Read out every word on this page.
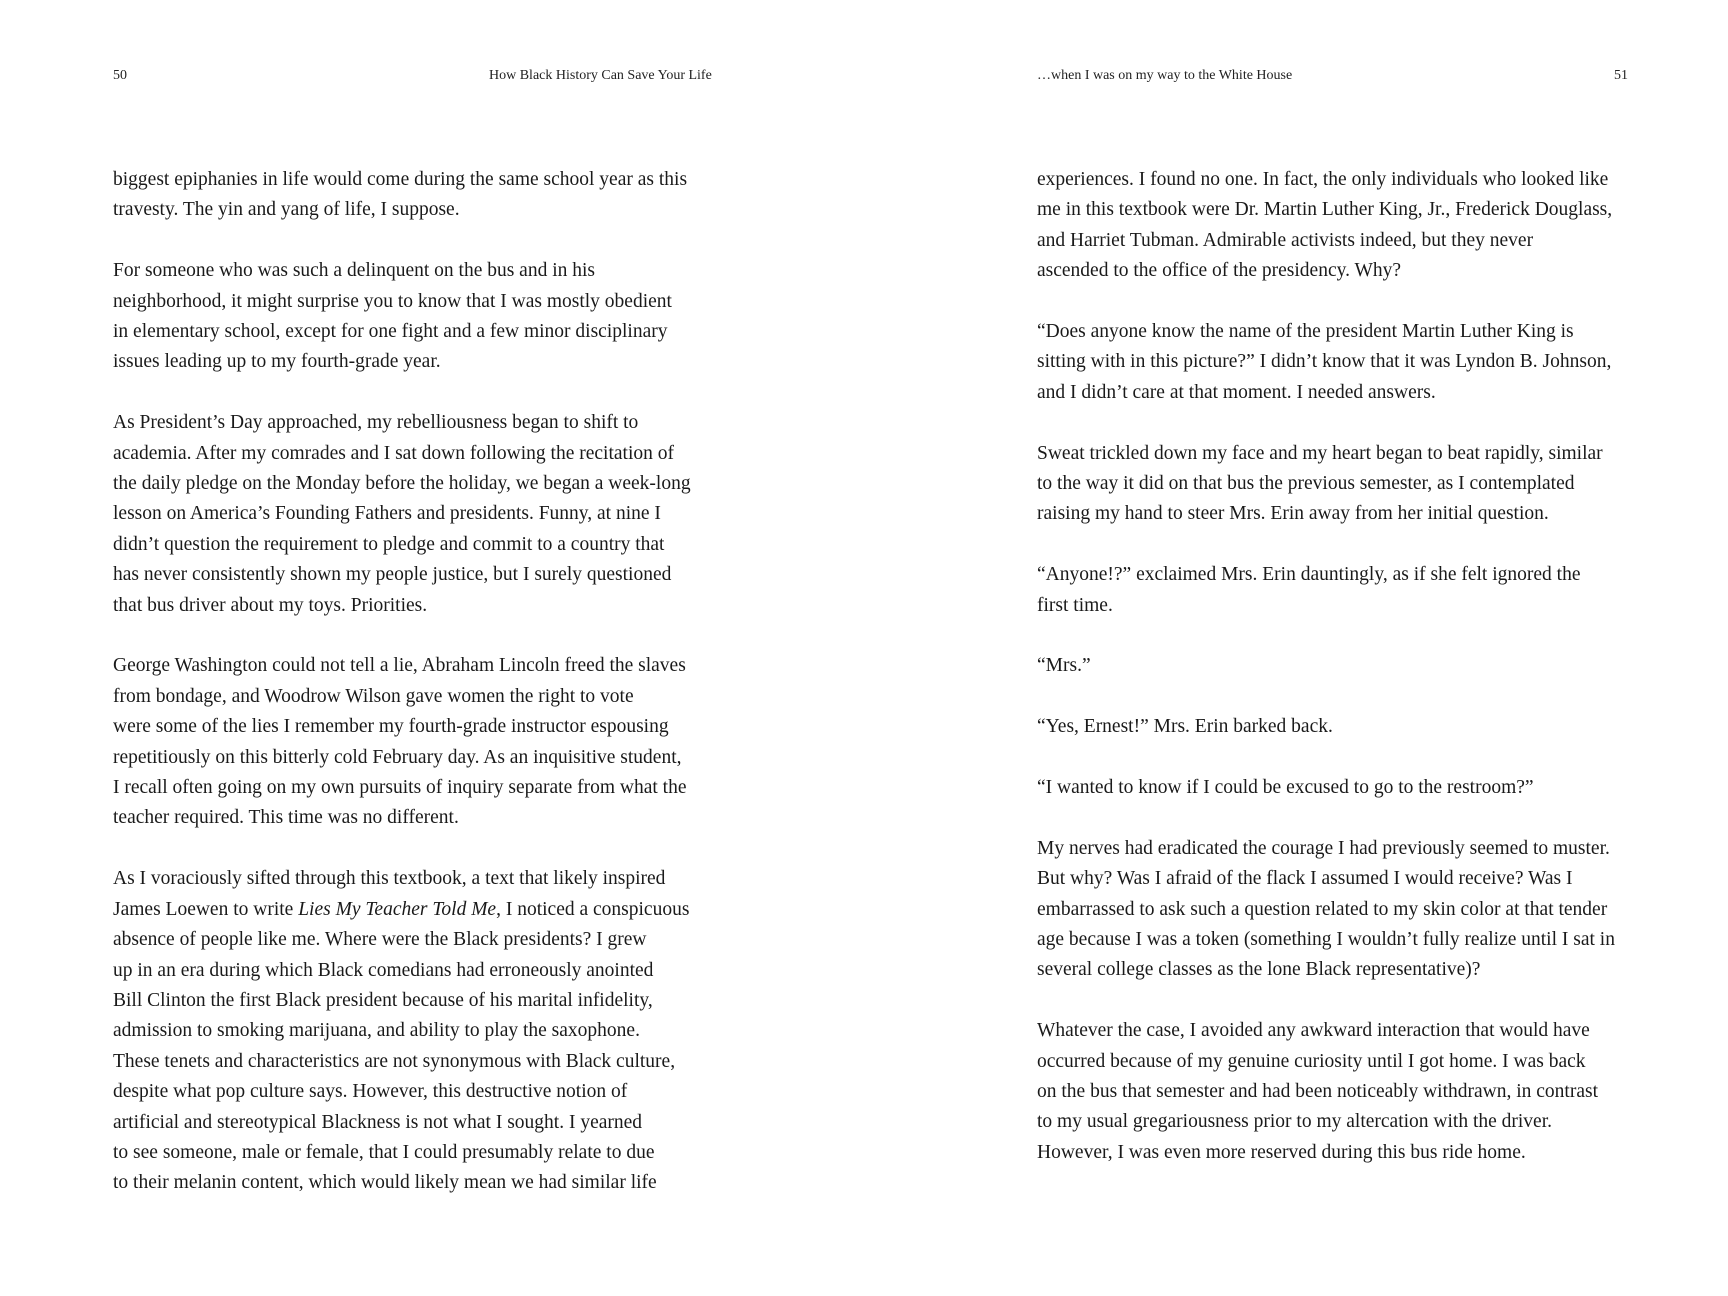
50	How Black History Can Save Your Life

biggest epiphanies in life would come during the same school year as this
travesty. The yin and yang of life, I suppose.

For someone who was such a delinquent on the bus and in his
neighborhood, it might surprise you to know that I was mostly obedient
in elementary school, except for one fight and a few minor disciplinary
issues leading up to my fourth-grade year.

As President’s Day approached, my rebelliousness began to shift to
academia. After my comrades and I sat down following the recitation of
the daily pledge on the Monday before the holiday, we began a week-long
lesson on America’s Founding Fathers and presidents. Funny, at nine I
didn’t question the requirement to pledge and commit to a country that
has never consistently shown my people justice, but I surely questioned
that bus driver about my toys. Priorities.

George Washington could not tell a lie, Abraham Lincoln freed the slaves
from bondage, and Woodrow Wilson gave women the right to vote
were some of the lies I remember my fourth-grade instructor espousing
repetitiously on this bitterly cold February day. As an inquisitive student,
I recall often going on my own pursuits of inquiry separate from what the
teacher required. This time was no different.

As I voraciously sifted through this textbook, a text that likely inspired
James Loewen to write Lies My Teacher Told Me, I noticed a conspicuous
absence of people like me. Where were the Black presidents? I grew
up in an era during which Black comedians had erroneously anointed
Bill Clinton the first Black president because of his marital infidelity,
admission to smoking marijuana, and ability to play the saxophone.
These tenets and characteristics are not synonymous with Black culture,
despite what pop culture says. However, this destructive notion of
artificial and stereotypical Blackness is not what I sought. I yearned
to see someone, male or female, that I could presumably relate to due
to their melanin content, which would likely mean we had similar life

…when I was on my way to the White House	51

experiences. I found no one. In fact, the only individuals who looked like
me in this textbook were Dr. Martin Luther King, Jr., Frederick Douglass,
and Harriet Tubman. Admirable activists indeed, but they never
ascended to the office of the presidency. Why?

“Does anyone know the name of the president Martin Luther King is
sitting with in this picture?” I didn’t know that it was Lyndon B. Johnson,
and I didn’t care at that moment. I needed answers.

Sweat trickled down my face and my heart began to beat rapidly, similar
to the way it did on that bus the previous semester, as I contemplated
raising my hand to steer Mrs. Erin away from her initial question.

“Anyone!?” exclaimed Mrs. Erin dauntingly, as if she felt ignored the
first time.

“Mrs.”

“Yes, Ernest!” Mrs. Erin barked back.

“I wanted to know if I could be excused to go to the restroom?”

My nerves had eradicated the courage I had previously seemed to muster.
But why? Was I afraid of the flack I assumed I would receive? Was I
embarrassed to ask such a question related to my skin color at that tender
age because I was a token (something I wouldn’t fully realize until I sat in
several college classes as the lone Black representative)?

Whatever the case, I avoided any awkward interaction that would have
occurred because of my genuine curiosity until I got home. I was back
on the bus that semester and had been noticeably withdrawn, in contrast
to my usual gregariousness prior to my altercation with the driver.
However, I was even more reserved during this bus ride home.
